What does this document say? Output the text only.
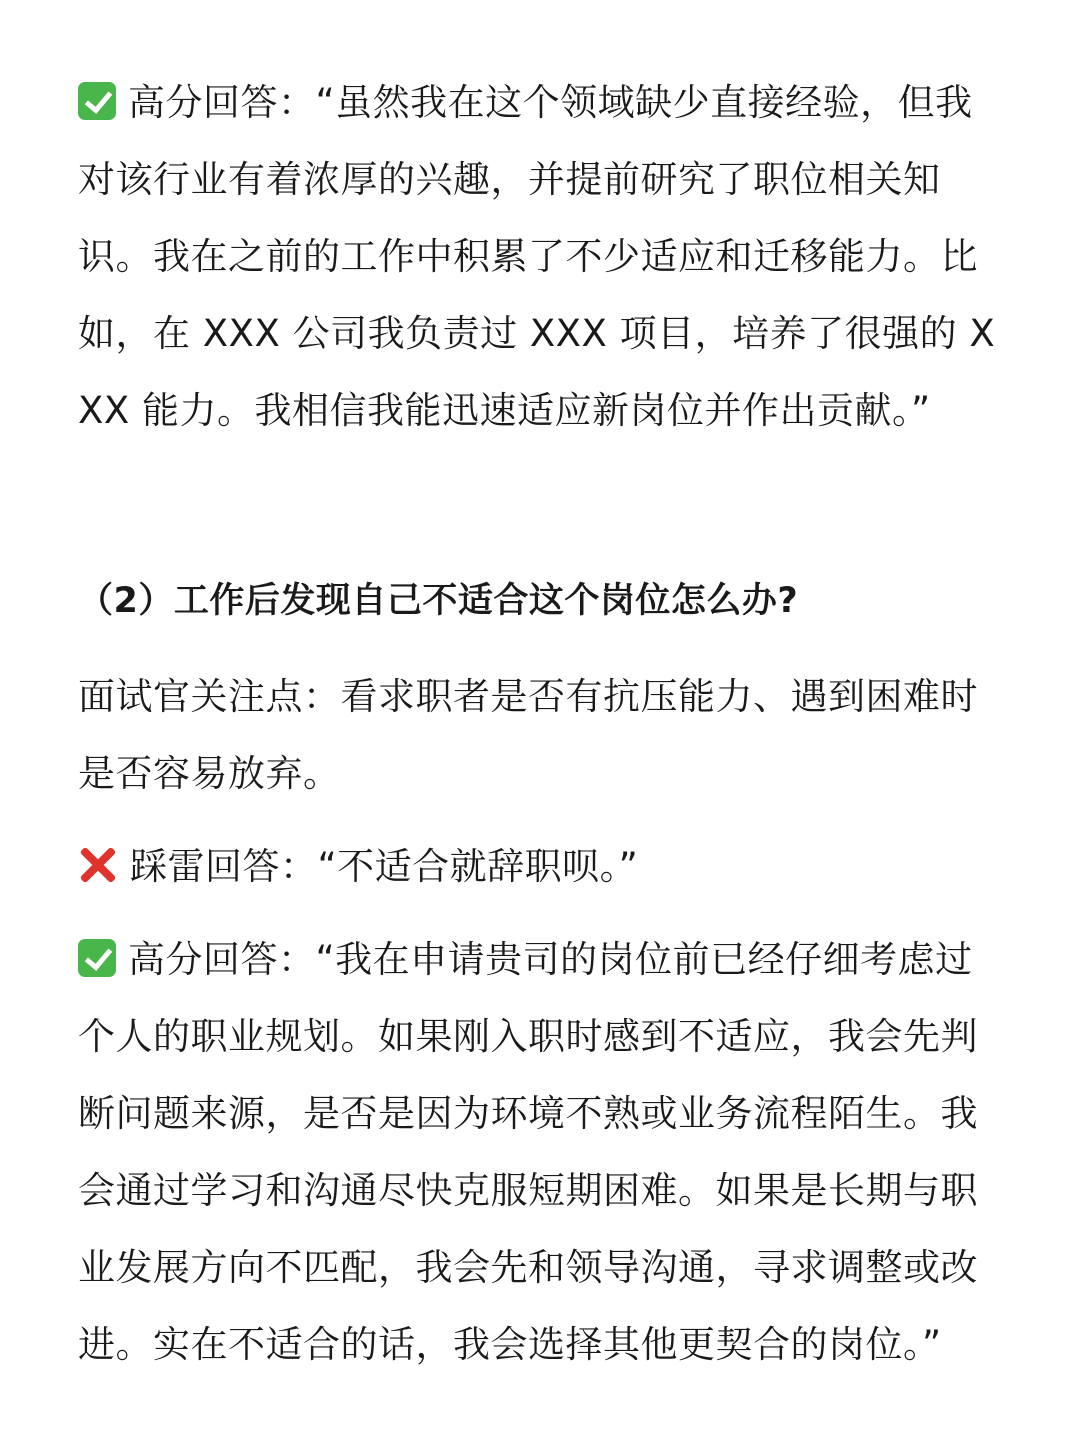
高分回答：“虽然我在这个领域缺少直接经验，但我对该行业有着浓厚的兴趣，并提前研究了职位相关知识。我在之前的工作中积累了不少适应和迁移能力。比如，在 XXX 公司我负责过 XXX 项目，培养了很强的 XXX 能力。我相信我能迅速适应新岗位并作出贡献。”

（2）工作后发现自己不适合这个岗位怎么办?

面试官关注点：看求职者是否有抗压能力、遇到困难时是否容易放弃。

踩雷回答：“不适合就辞职呗。”

高分回答：“我在申请贵司的岗位前已经仔细考虑过个人的职业规划。如果刚入职时感到不适应，我会先判断问题来源，是否是因为环境不熟或业务流程陌生。我会通过学习和沟通尽快克服短期困难。如果是长期与职业发展方向不匹配，我会先和领导沟通，寻求调整或改进。实在不适合的话，我会选择其他更契合的岗位。”
